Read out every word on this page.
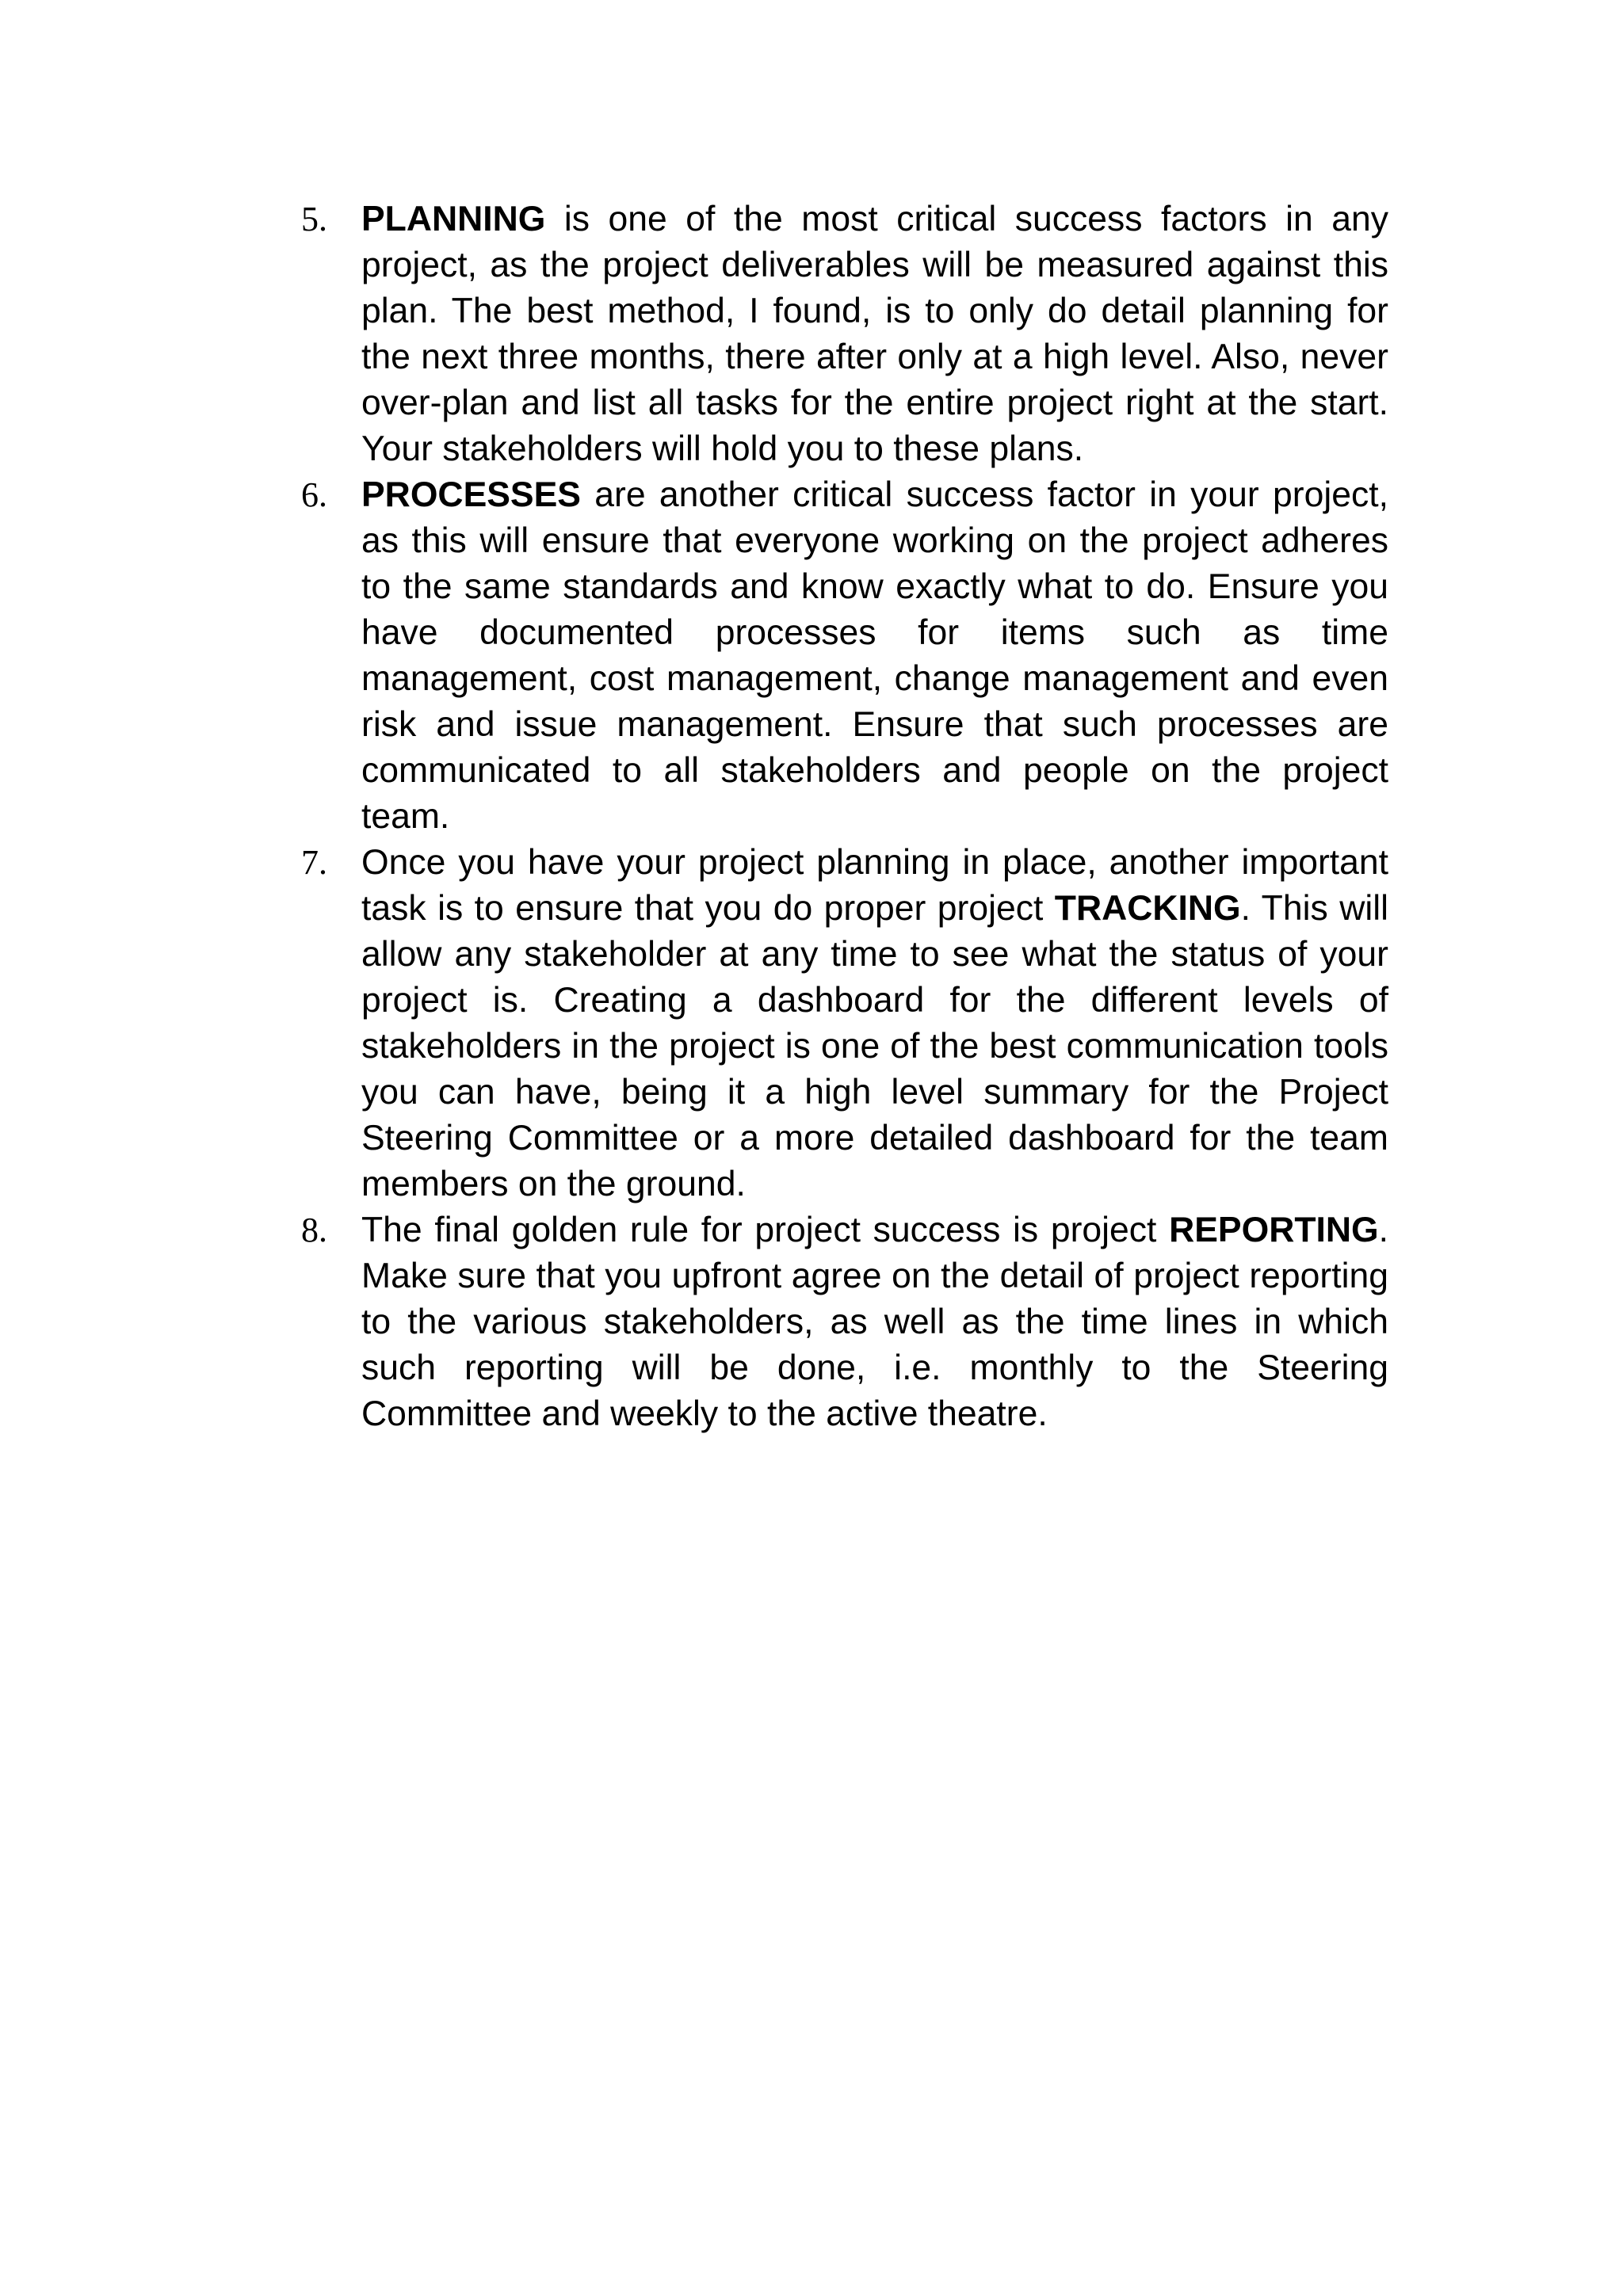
5. PLANNING is one of the most critical success factors in any project, as the project deliverables will be measured against this plan. The best method, I found, is to only do detail planning for the next three months, there after only at a high level. Also, never over-plan and list all tasks for the entire project right at the start. Your stakeholders will hold you to these plans.
6. PROCESSES are another critical success factor in your project, as this will ensure that everyone working on the project adheres to the same standards and know exactly what to do. Ensure you have documented processes for items such as time management, cost management, change management and even risk and issue management. Ensure that such processes are communicated to all stakeholders and people on the project team.
7. Once you have your project planning in place, another important task is to ensure that you do proper project TRACKING. This will allow any stakeholder at any time to see what the status of your project is. Creating a dashboard for the different levels of stakeholders in the project is one of the best communication tools you can have, being it a high level summary for the Project Steering Committee or a more detailed dashboard for the team members on the ground.
8. The final golden rule for project success is project REPORTING. Make sure that you upfront agree on the detail of project reporting to the various stakeholders, as well as the time lines in which such reporting will be done, i.e. monthly to the Steering Committee and weekly to the active theatre.
